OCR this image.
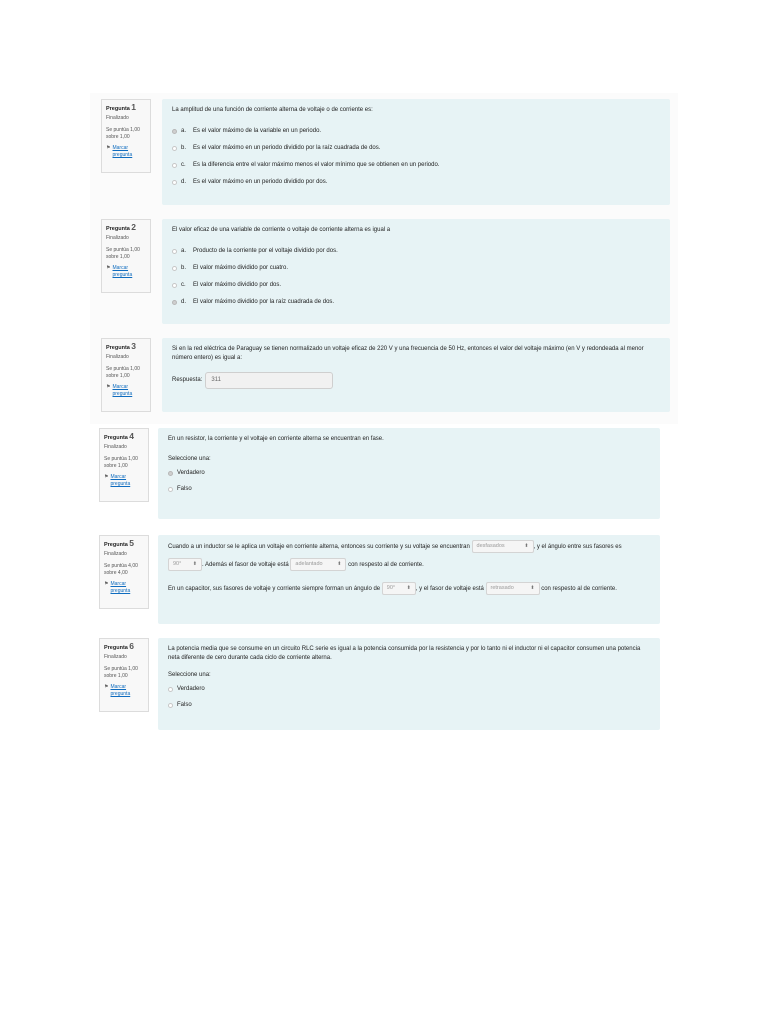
Pregunta 1
Finalizado
Se puntúa 1,00 sobre 1,00
⚑ Marcar pregunta

La amplitud de una función de corriente alterna de voltaje o de corriente es:

a.	Es el valor máximo de la variable en un periodo.
b.	Es el valor máximo en un periodo dividido por la raíz cuadrada de dos.
c.	Es la diferencia entre el valor máximo menos el valor mínimo que se obtienen en un periodo.
d.	Es el valor máximo en un periodo dividido por dos.
Pregunta 2
Finalizado
Se puntúa 1,00 sobre 1,00
⚑ Marcar pregunta

El valor eficaz de una variable de corriente o voltaje de corriente alterna es igual a

a.	Producto de la corriente por el voltaje dividido por dos.
b.	El valor máximo dividido por cuatro.
c.	El valor máximo dividido por dos.
d.	El valor máximo dividido por la raíz cuadrada de dos.
Pregunta 3
Finalizado
Se puntúa 1,00 sobre 1,00
⚑ Marcar pregunta

Si en la red eléctrica de Paraguay se tienen normalizado un voltaje eficaz de 220 V y una frecuencia de 50 Hz, entonces el valor del voltaje máximo (en V y redondeada al menor número entero) es igual a:

Respuesta:	311
Pregunta 4
Finalizado
Se puntúa 1,00 sobre 1,00
⚑ Marcar pregunta

En un resistor, la corriente y el voltaje en corriente alterna se encuentran en fase.

Seleccione una:
Verdadero
Falso
Pregunta 5
Finalizado
Se puntúa 4,00 sobre 4,00
⚑ Marcar pregunta

Cuando a un inductor se le aplica un voltaje en corriente alterna, entonces su corriente y su voltaje se encuentran desfasados	⬍ , y el ángulo entre sus fasores es
90° ⬍ . Además el fasor de voltaje está adelantado	⬍ con respesto al de corriente.

En un capacitor, sus fasores de voltaje y corriente siempre forman un ángulo de 90° ⬍ , y el fasor de voltaje está retrasado	⬍ con respesto al de corriente.

Pregunta 6
Finalizado
Se puntúa 1,00 sobre 1,00
⚑ Marcar pregunta

La potencia media que se consume en un circuito RLC serie es igual a la potencia consumida por la resistencia y por lo tanto ni el inductor ni el capacitor consumen una potencia neta diferente de cero durante cada ciclo de corriente alterna.

Seleccione una:
Verdadero
Falso
